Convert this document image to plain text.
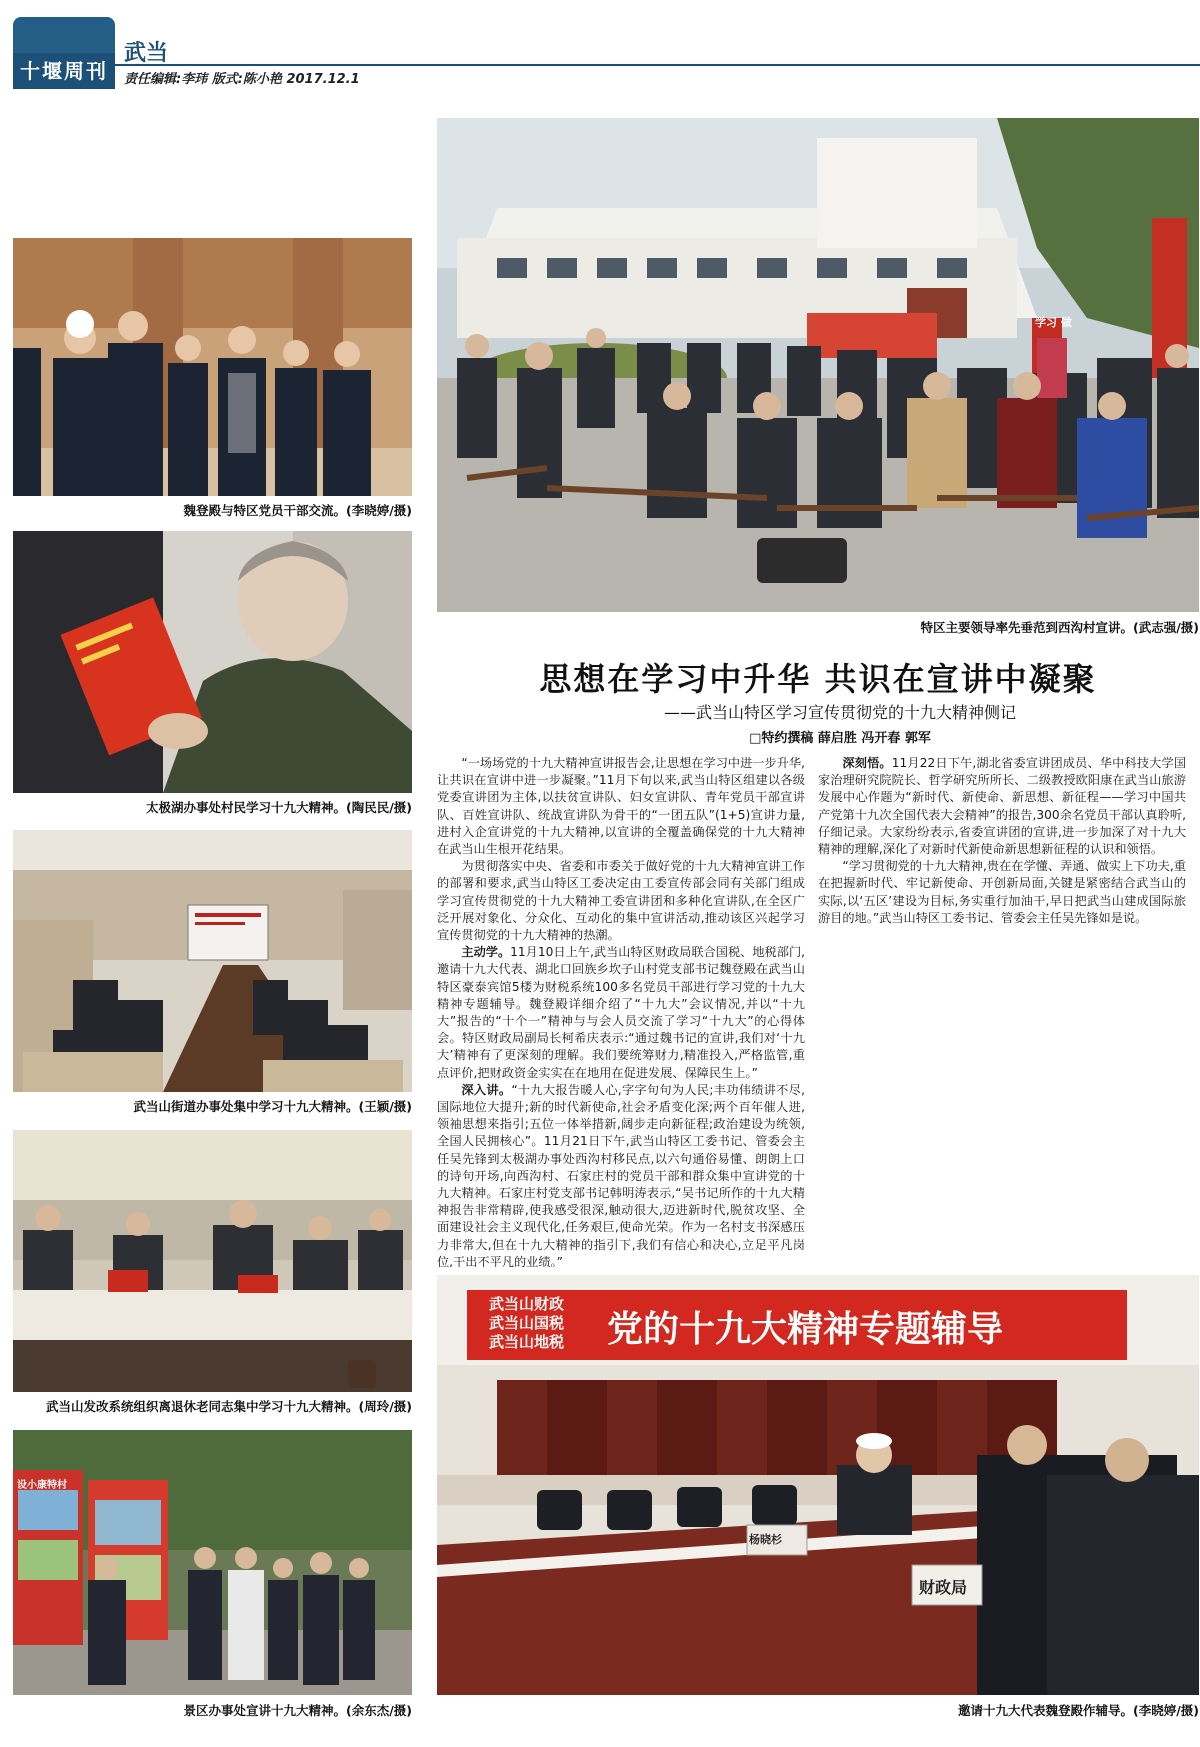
十堰周刊
武当
责任编辑:李玮 版式:陈小艳 2017.12.1
魏登殿与特区党员干部交流。(李晓婷/摄)
太极湖办事处村民学习十九大精神。(陶民民/摄)
武当山街道办事处集中学习十九大精神。(王颖/摄)
武当山发改系统组织离退休老同志集中学习十九大精神。(周玲/摄)
设小康特村
景区办事处宣讲十九大精神。(余东杰/摄)
学习 做
特区主要领导率先垂范到西沟村宣讲。(武志强/摄)
思想在学习中升华 共识在宣讲中凝聚
——武当山特区学习宣传贯彻党的十九大精神侧记
□特约撰稿 薛启胜 冯开春 郭军

“一场场党的十九大精神宣讲报告会,让思想在学习中进一步升华,让共识在宣讲中进一步凝聚。”11月下旬以来,武当山特区组建以各级党委宣讲团为主体,以扶贫宣讲队、妇女宣讲队、青年党员干部宣讲队、百姓宣讲队、统战宣讲队为骨干的“一团五队”(1+5)宣讲力量,进村入企宣讲党的十九大精神,以宣讲的全覆盖确保党的十九大精神在武当山生根开花结果。

为贯彻落实中央、省委和市委关于做好党的十九大精神宣讲工作的部署和要求,武当山特区工委决定由工委宣传部会同有关部门组成学习宣传贯彻党的十九大精神工委宣讲团和多种化宣讲队,在全区广泛开展对象化、分众化、互动化的集中宣讲活动,推动该区兴起学习宣传贯彻党的十九大精神的热潮。

主动学。11月10日上午,武当山特区财政局联合国税、地税部门,邀请十九大代表、湖北口回族乡坎子山村党支部书记魏登殿在武当山特区豪泰宾馆5楼为财税系统100多名党员干部进行学习党的十九大精神专题辅导。魏登殿详细介绍了“十九大”会议情况,并以“十九大”报告的“十个一”精神与与会人员交流了学习“十九大”的心得体会。特区财政局副局长柯希庆表示:“通过魏书记的宣讲,我们对‘十九大’精神有了更深刻的理解。我们要统筹财力,精准投入,严格监管,重点评价,把财政资金实实在在地用在促进发展、保障民生上。”

深入讲。“十九大报告暖人心,字字句句为人民;丰功伟绩讲不尽,国际地位大提升;新的时代新使命,社会矛盾变化深;两个百年催人进,领袖思想来指引;五位一体举措新,阔步走向新征程;政治建设为统领,全国人民拥核心”。11月21日下午,武当山特区工委书记、管委会主任吴先锋到太极湖办事处西沟村移民点,以六句通俗易懂、朗朗上口的诗句开场,向西沟村、石家庄村的党员干部和群众集中宣讲党的十九大精神。石家庄村党支部书记韩明涛表示,“吴书记所作的十九大精神报告非常精辟,使我感受很深,触动很大,迈进新时代,脱贫攻坚、全面建设社会主义现代化,任务艰巨,使命光荣。作为一名村支书深感压力非常大,但在十九大精神的指引下,我们有信心和决心,立足平凡岗位,干出不平凡的业绩。”

深刻悟。11月22日下午,湖北省委宣讲团成员、华中科技大学国家治理研究院院长、哲学研究所所长、二级教授欧阳康在武当山旅游发展中心作题为“新时代、新使命、新思想、新征程——学习中国共产党第十九次全国代表大会精神”的报告,300余名党员干部认真聆听,仔细记录。大家纷纷表示,省委宣讲团的宣讲,进一步加深了对十九大精神的理解,深化了对新时代新使命新思想新征程的认识和领悟。

“学习贯彻党的十九大精神,贵在在学懂、弄通、做实上下功夫,重在把握新时代、牢记新使命、开创新局面,关键是紧密结合武当山的实际,以‘五区’建设为目标,务实重行加油干,早日把武当山建成国际旅游目的地。”武当山特区工委书记、管委会主任吴先锋如是说。

武当山财政
武当山国税
武当山地税 党的十九大精神专题辅导
杨晓杉
财政局
邀请十九大代表魏登殿作辅导。(李晓婷/摄)
